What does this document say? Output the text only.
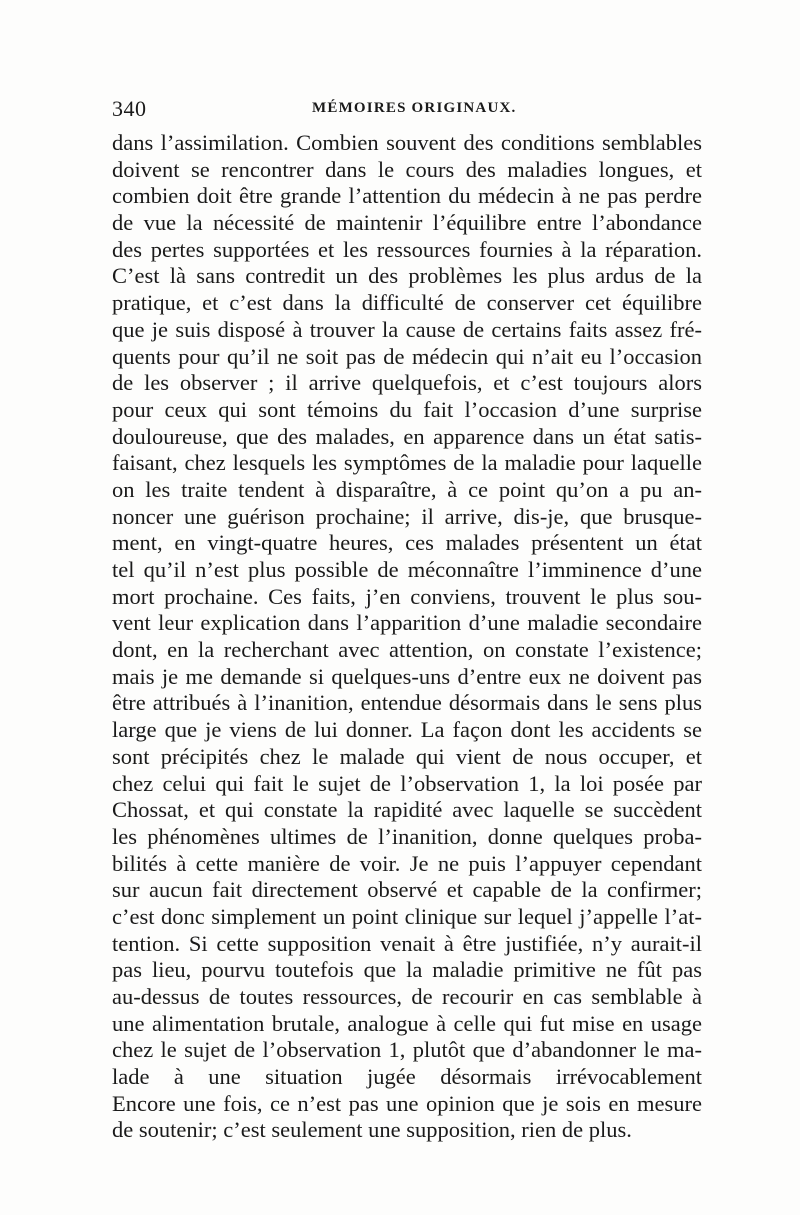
340	MÉMOIRES ORIGINAUX.
dans l’assimilation. Combien souvent des conditions semblables
doivent se rencontrer dans le cours des maladies longues, et
combien doit être grande l’attention du médecin à ne pas perdre
de vue la nécessité de maintenir l’équilibre entre l’abondance
des pertes supportées et les ressources fournies à la réparation.
C’est là sans contredit un des problèmes les plus ardus de la
pratique, et c’est dans la difficulté de conserver cet équilibre
que je suis disposé à trouver la cause de certains faits assez fré-
quents pour qu’il ne soit pas de médecin qui n’ait eu l’occasion
de les observer ; il arrive quelquefois, et c’est toujours alors
pour ceux qui sont témoins du fait l’occasion d’une surprise
douloureuse, que des malades, en apparence dans un état satis-
faisant, chez lesquels les symptômes de la maladie pour laquelle
on les traite tendent à disparaître, à ce point qu’on a pu an-
noncer une guérison prochaine; il arrive, dis-je, que brusque-
ment, en vingt-quatre heures, ces malades présentent un état
tel qu’il n’est plus possible de méconnaître l’imminence d’une
mort prochaine. Ces faits, j’en conviens, trouvent le plus sou-
vent leur explication dans l’apparition d’une maladie secondaire
dont, en la recherchant avec attention, on constate l’existence;
mais je me demande si quelques-uns d’entre eux ne doivent pas
être attribués à l’inanition, entendue désormais dans le sens plus
large que je viens de lui donner. La façon dont les accidents se
sont précipités chez le malade qui vient de nous occuper, et
chez celui qui fait le sujet de l’observation 1, la loi posée par
Chossat, et qui constate la rapidité avec laquelle se succèdent
les phénomènes ultimes de l’inanition, donne quelques proba-
bilités à cette manière de voir. Je ne puis l’appuyer cependant
sur aucun fait directement observé et capable de la confirmer;
c’est donc simplement un point clinique sur lequel j’appelle l’at-
tention. Si cette supposition venait à être justifiée, n’y aurait-il
pas lieu, pourvu toutefois que la maladie primitive ne fût pas
au-dessus de toutes ressources, de recourir en cas semblable à
une alimentation brutale, analogue à celle qui fut mise en usage
chez le sujet de l’observation 1, plutôt que d’abandonner le ma-
lade à une situation jugée désormais irrévocablement
Encore une fois, ce n’est pas une opinion que je sois en mesure
de soutenir; c’est seulement une supposition, rien de plus.
